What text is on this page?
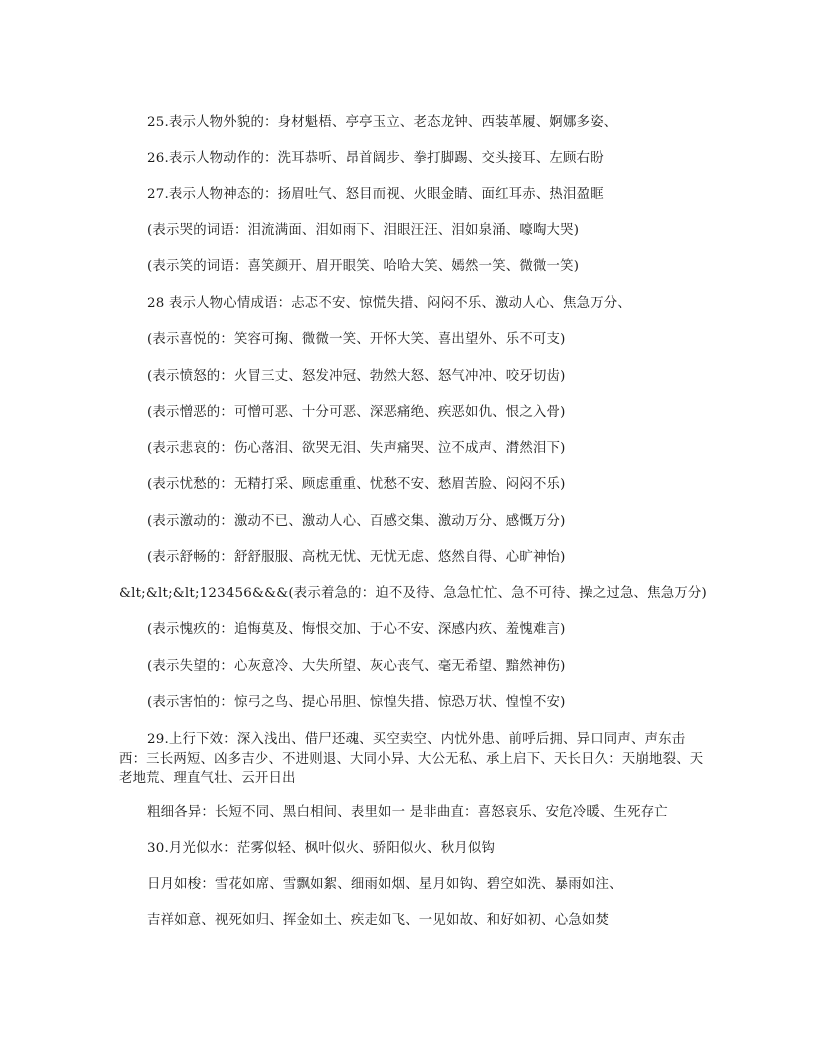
25.表示人物外貌的：身材魁梧、亭亭玉立、老态龙钟、西装革履、婀娜多姿、
26.表示人物动作的：洗耳恭听、昂首阔步、拳打脚踢、交头接耳、左顾右盼
27.表示人物神态的：扬眉吐气、怒目而视、火眼金睛、面红耳赤、热泪盈眶
(表示哭的词语：泪流满面、泪如雨下、泪眼汪汪、泪如泉涌、嚎啕大哭)
(表示笑的词语：喜笑颜开、眉开眼笑、哈哈大笑、嫣然一笑、微微一笑)
28 表示人物心情成语：忐忑不安、惊慌失措、闷闷不乐、激动人心、焦急万分、
(表示喜悦的：笑容可掬、微微一笑、开怀大笑、喜出望外、乐不可支)
(表示愤怒的：火冒三丈、怒发冲冠、勃然大怒、怒气冲冲、咬牙切齿)
(表示憎恶的：可憎可恶、十分可恶、深恶痛绝、疾恶如仇、恨之入骨)
(表示悲哀的：伤心落泪、欲哭无泪、失声痛哭、泣不成声、潸然泪下)
(表示忧愁的：无精打采、顾虑重重、忧愁不安、愁眉苦脸、闷闷不乐)
(表示激动的：激动不已、激动人心、百感交集、激动万分、感慨万分)
(表示舒畅的：舒舒服服、高枕无忧、无忧无虑、悠然自得、心旷神怡)
&lt;&lt;&lt;123456&&&(表示着急的：迫不及待、急急忙忙、急不可待、操之过急、焦急万分)
(表示愧疚的：追悔莫及、悔恨交加、于心不安、深感内疚、羞愧难言)
(表示失望的：心灰意冷、大失所望、灰心丧气、毫无希望、黯然神伤)
(表示害怕的：惊弓之鸟、提心吊胆、惊惶失措、惊恐万状、惶惶不安)
29.上行下效：深入浅出、借尸还魂、买空卖空、内忧外患、前呼后拥、异口同声、声东击西：三长两短、凶多吉少、不进则退、大同小异、大公无私、承上启下、天长日久：天崩地裂、天老地荒、理直气壮、云开日出
粗细各异：长短不同、黑白相间、表里如一 是非曲直：喜怒哀乐、安危冷暖、生死存亡
30.月光似水：茫雾似轻、枫叶似火、骄阳似火、秋月似钩
日月如梭：雪花如席、雪飘如絮、细雨如烟、星月如钩、碧空如洗、暴雨如注、
吉祥如意、视死如归、挥金如土、疾走如飞、一见如故、和好如初、心急如焚
